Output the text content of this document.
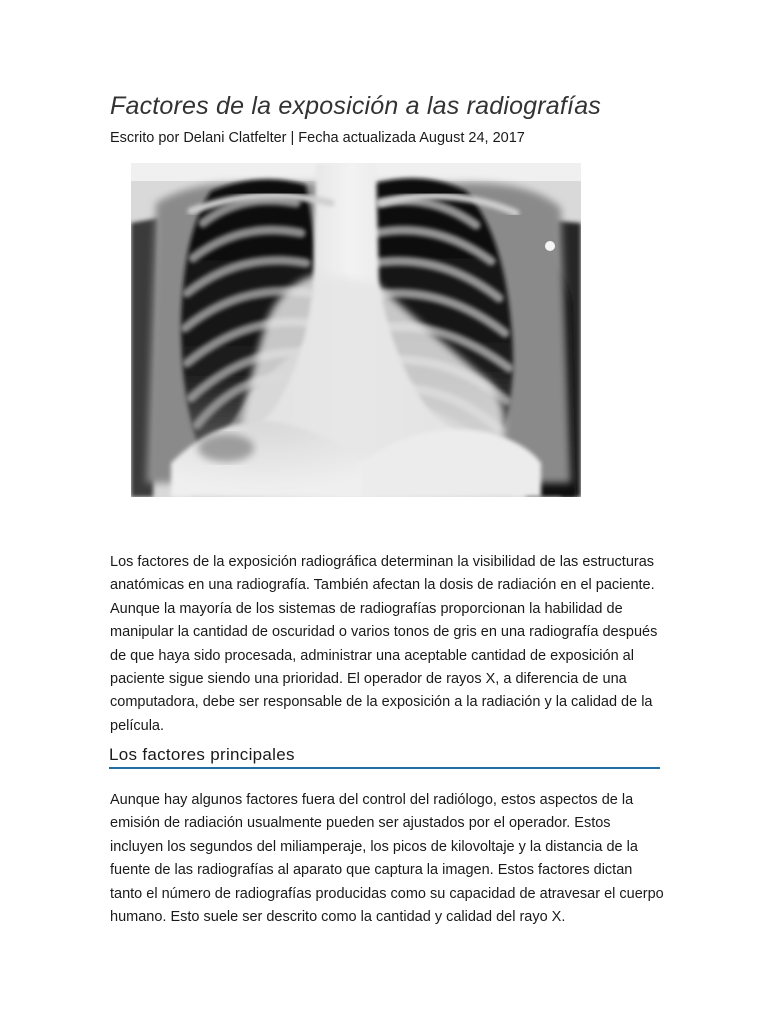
Factores de la exposición a las radiografías
Escrito por Delani Clatfelter | Fecha actualizada August 24, 2017

Los factores de la exposición radiográfica determinan la visibilidad de las estructuras anatómicas en una radiografía. También afectan la dosis de radiación en el paciente. Aunque la mayoría de los sistemas de radiografías proporcionan la habilidad de manipular la cantidad de oscuridad o varios tonos de gris en una radiografía después de que haya sido procesada, administrar una aceptable cantidad de exposición al paciente sigue siendo una prioridad. El operador de rayos X, a diferencia de una computadora, debe ser responsable de la exposición a la radiación y la calidad de la película.

Los factores principales

Aunque hay algunos factores fuera del control del radiólogo, estos aspectos de la emisión de radiación usualmente pueden ser ajustados por el operador. Estos incluyen los segundos del miliamperaje, los picos de kilovoltaje y la distancia de la fuente de las radiografías al aparato que captura la imagen. Estos factores dictan tanto el número de radiografías producidas como su capacidad de atravesar el cuerpo humano. Esto suele ser descrito como la cantidad y calidad del rayo X.
